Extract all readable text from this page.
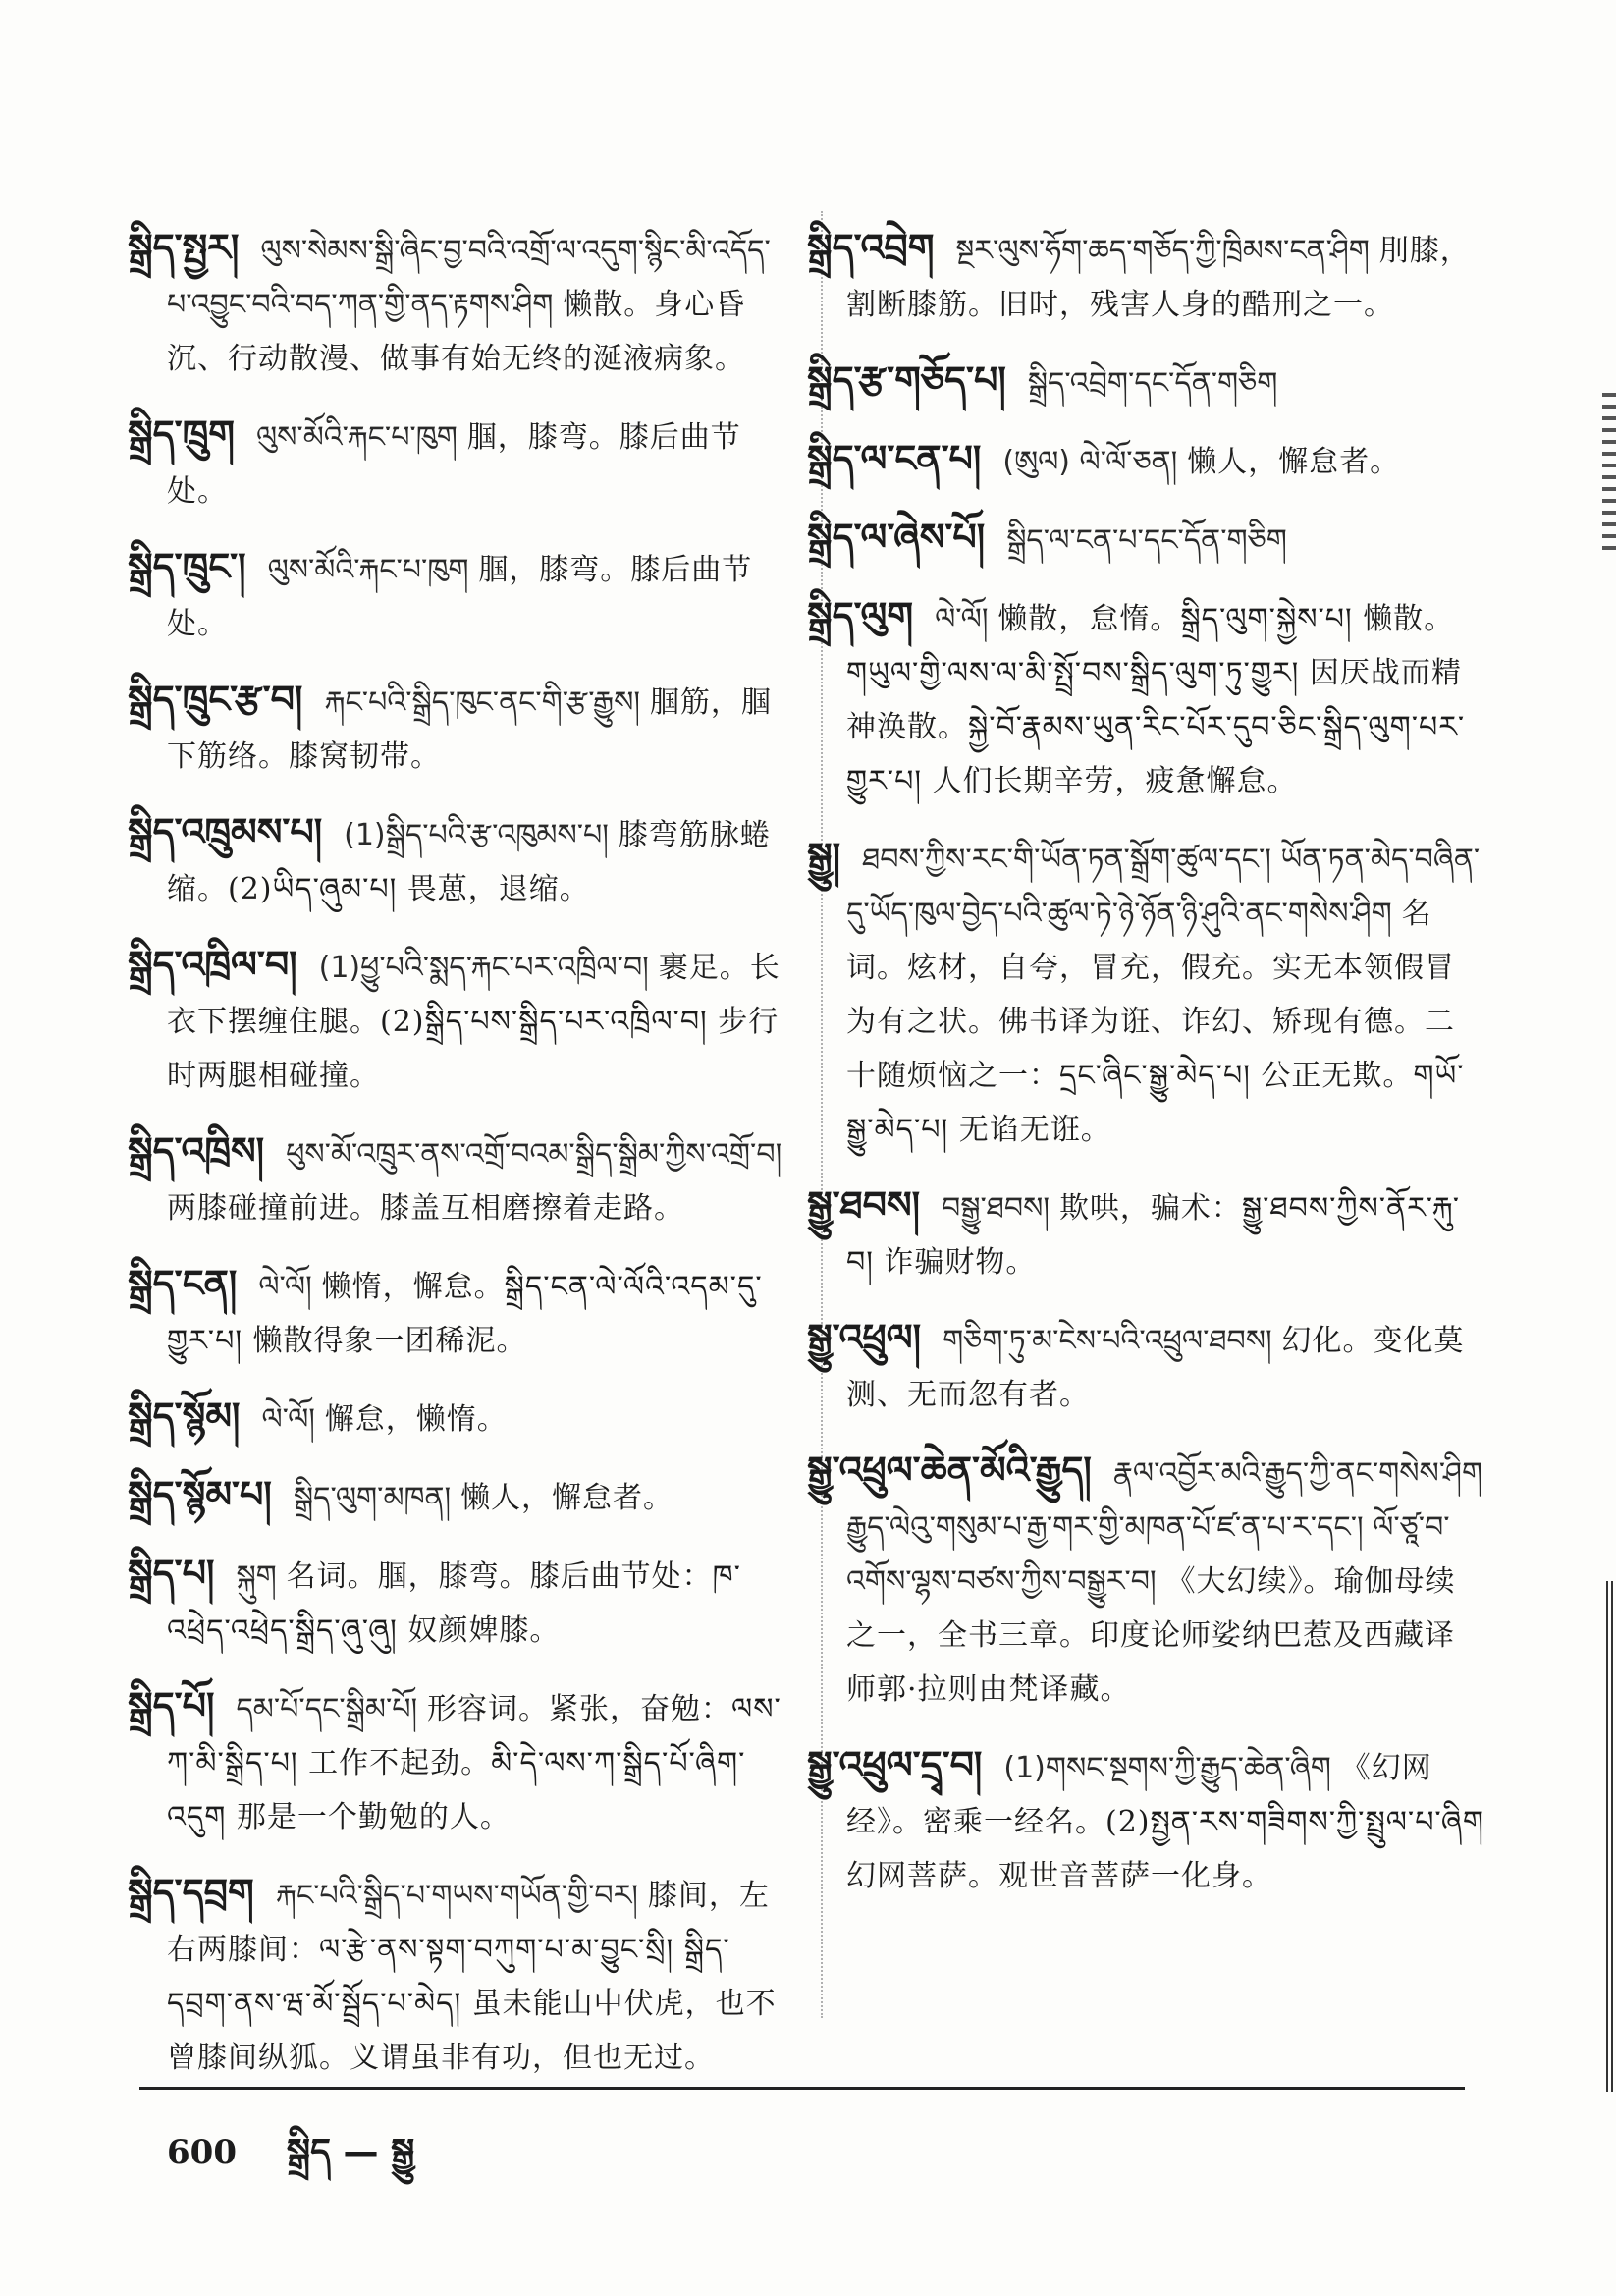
སྒྲིད་སྤྱར། ལུས་སེམས་སྒྲི་ཞིང་བྱ་བའི་འགྲོ་ལ་འདུག་སྙིང་མི་འདོད་པ་འབྱུང་བའི་བད་ཀན་གྱི་ནད་རྟགས་ཤིག 懒散。身心昏沉、行动散漫、做事有始无终的涎液病象。

སྒྲིད་ཁྲུག ལུས་མོའི་རྐང་པ་ཁུག 腘，膝弯。膝后曲节处。

སྒྲིད་ཁྲུང་། ལུས་མོའི་རྐང་པ་ཁུག 腘，膝弯。膝后曲节处。

སྒྲིད་ཁྲུང་རྩ་བ། རྐང་པའི་སྒྲིད་ཁུང་ནང་གི་རྩ་རྒྱུས། 腘筋，腘下筋络。膝窝韧带。

སྒྲིད་འཁྲུམས་པ། (1)སྒྲིད་པའི་རྩ་འཁུམས་པ། 膝弯筋脉蜷缩。(2)ཡིད་ཞུམ་པ། 畏葸，退缩。

སྒྲིད་འཁྲིལ་བ། (1)ཕྱུ་པའི་སྨད་རྐང་པར་འཁྲིལ་བ། 裹足。长衣下摆缠住腿。(2)སྒྲིད་པས་སྒྲིད་པར་འཁྲིལ་བ། 步行时两腿相碰撞。

སྒྲིད་འཁྲིས། ཕུས་མོ་འཁྲུར་ནས་འགྲོ་བའམ་སྒྲིད་སྒྲིམ་ཀྱིས་འགྲོ་བ། 两膝碰撞前进。膝盖互相磨擦着走路。

སྒྲིད་ངན། ལེ་ལོ། 懒惰，懈怠。སྒྲིད་ངན་ལེ་ལོའི་འདམ་དུ་གྱུར་པ། 懒散得象一团稀泥。

སྒྲིད་སྙོམ། ལེ་ལོ། 懈怠，懒惰。

སྒྲིད་སྙོམ་པ། སྒྲིད་ལུག་མཁན། 懒人，懈怠者。

སྒྲིད་པ། སྐུག 名词。腘，膝弯。膝后曲节处：ཁ་འཕྲེད་འཕྲེད་སྒྲིད་ཞུ་ཞུ། 奴颜婢膝。

སྒྲིད་པོ། དམ་པོ་དང་སྒྲིམ་པོ། 形容词。紧张，奋勉：ལས་ཀ་མི་སྒྲིད་པ། 工作不起劲。མི་དེ་ལས་ཀ་སྒྲིད་པོ་ཞིག་འདུག 那是一个勤勉的人。

སྒྲིད་དབྲག རྐང་པའི་སྒྲིད་པ་གཡས་གཡོན་གྱི་བར། 膝间，左右两膝间：ལ་རྩེ་ནས་སྟག་བཀུག་པ་མ་བྱུང་སྲི། སྒྲིད་དབྲག་ནས་ཝ་མོ་སྦྲོད་པ་མེད། 虽未能山中伏虎，也不曾膝间纵狐。义谓虽非有功，但也无过。

སྒྲིད་འབྲེག སྔར་ལུས་ཧོག་ཆད་གཅོད་ཀྱི་ཁྲིམས་ངན་ཤིག 刖膝，割断膝筋。旧时，残害人身的酷刑之一。

སྒྲིད་རྩ་གཅོད་པ། སྒྲིད་འབྲེག་དང་དོན་གཅིག

སྒྲིད་ལ་ངན་པ། (ཨུལ) ལེ་ལོ་ཅན། 懒人，懈怠者。

སྒྲིད་ལ་ཞེས་པོ། སྒྲིད་ལ་ངན་པ་དང་དོན་གཅིག

སྒྲིད་ལུག ལེ་ལོ། 懒散，怠惰。སྒྲིད་ལུག་སྐྱེས་པ། 懒散。གཡུལ་གྱི་ལས་ལ་མི་སྤྲོ་བས་སྒྲིད་ལུག་ཏུ་གྱུར། 因厌战而精神涣散。སྐྱེ་བོ་རྣམས་ཡུན་རིང་པོར་དུབ་ཅིང་སྒྲིད་ལུག་པར་གྱུར་པ། 人们长期辛劳，疲惫懈怠。

སྒྱུ། ཐབས་ཀྱིས་རང་གི་ཡོན་ཏན་སྒྲོག་ཚུལ་དང་། ཡོན་ཏན་མེད་བཞིན་དུ་ཡོད་ཁུལ་བྱེད་པའི་ཚུལ་ཏེ་ཉེ་ཉོན་ཉི་ཤུའི་ནང་གསེས་ཤིག 名词。炫材，自夸，冒充，假充。实无本领假冒为有之状。佛书译为诳、诈幻、矫现有德。二十随烦恼之一：དྲང་ཞིང་སྒྱུ་མེད་པ། 公正无欺。གཡོ་སྒྱུ་མེད་པ། 无谄无诳。

སྒྱུ་ཐབས། བསྒྱུ་ཐབས། 欺哄，骗术：སྒྱུ་ཐབས་ཀྱིས་ནོར་རྐུ་བ། 诈骗财物。

སྒྱུ་འཕྲུལ། གཅིག་ཏུ་མ་ངེས་པའི་འཕྲུལ་ཐབས། 幻化。变化莫测、无而忽有者。

སྒྱུ་འཕྲུལ་ཆེན་མོའི་རྒྱུད། རྣལ་འབྱོར་མའི་རྒྱུད་ཀྱི་ནང་གསེས་ཤིག རྒྱུད་ལེའུ་གསུམ་པ་རྒྱ་གར་གྱི་མཁན་པོ་ཛ་ན་པ་ར་དང་། ལོ་ཙཱ་བ་འགོས་ལྷས་བཙས་ཀྱིས་བསྒྱུར་བ། 《大幻续》。瑜伽母续之一，全书三章。印度论师娑纳巴惹及西藏译师郭·拉则由梵译藏。

སྒྱུ་འཕྲུལ་དྲྭ་བ། (1)གསང་སྔགས་ཀྱི་རྒྱུད་ཆེན་ཞིག 《幻网经》。密乘一经名。(2)སྤྱན་རས་གཟིགས་ཀྱི་སྤྲུལ་པ་ཞིག 幻网菩萨。观世音菩萨一化身。

600 སྒྲིད — སྒྱུ
